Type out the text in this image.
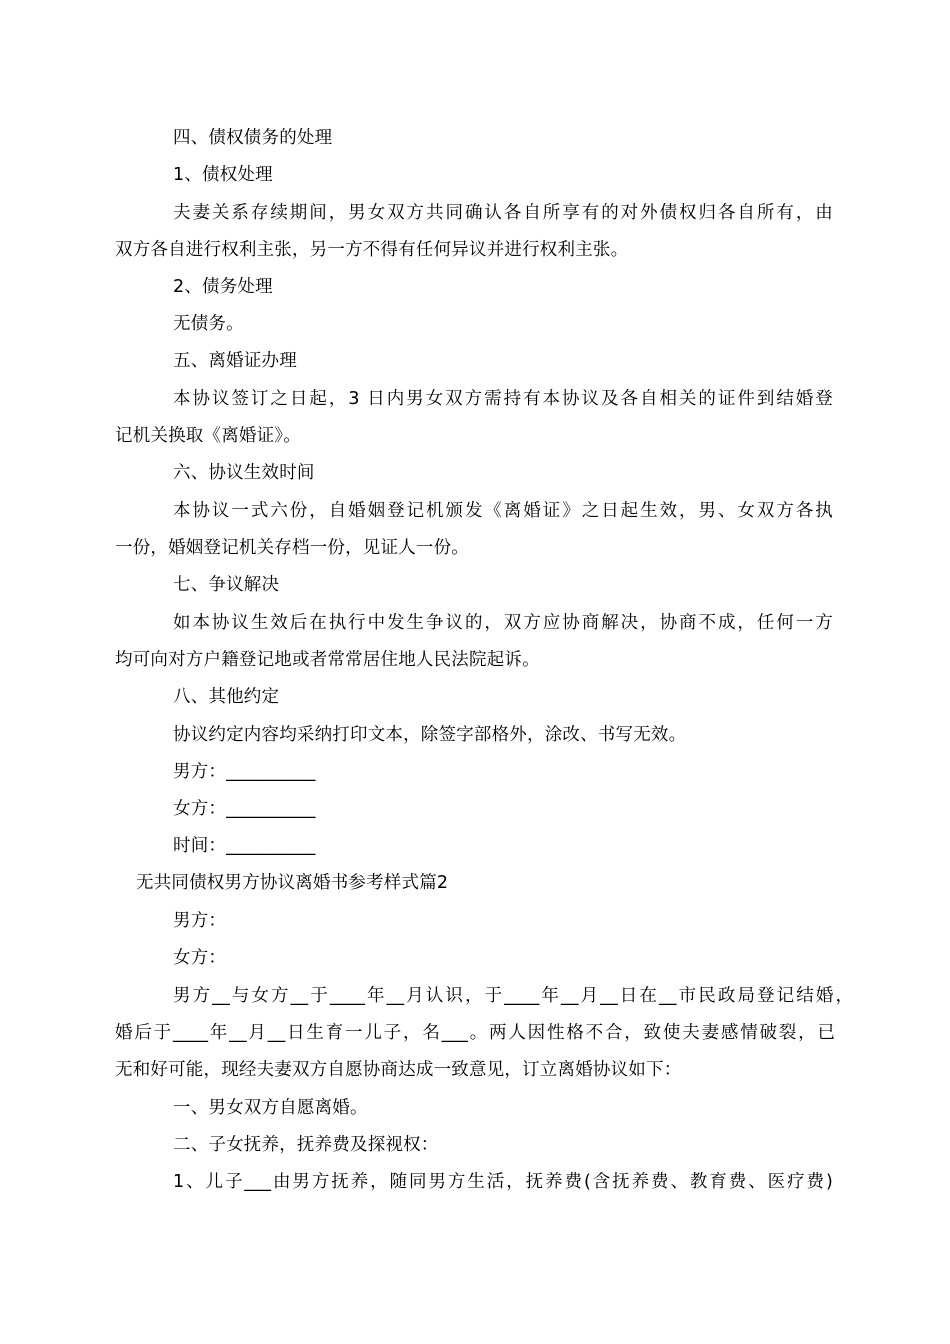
四、债权债务的处理
1、债权处理
夫妻关系存续期间，男女双方共同确认各自所享有的对外债权归各自所有，由
双方各自进行权利主张，另一方不得有任何异议并进行权利主张。
2、债务处理
无债务。
五、离婚证办理
本协议签订之日起，3 日内男女双方需持有本协议及各自相关的证件到结婚登
记机关换取《离婚证》。
六、协议生效时间
本协议一式六份，自婚姻登记机颁发《离婚证》之日起生效，男、女双方各执
一份，婚姻登记机关存档一份，见证人一份。
七、争议解决
如本协议生效后在执行中发生争议的，双方应协商解决，协商不成，任何一方
均可向对方户籍登记地或者常常居住地人民法院起诉。
八、其他约定
协议约定内容均采纳打印文本，除签字部格外，涂改、书写无效。
男方：__________
女方：__________
时间：__________
无共同债权男方协议离婚书参考样式篇2
男方：
女方：
男方__与女方__于____年__月认识，于____年__月__日在__市民政局登记结婚，
婚后于____年__月__日生育一儿子，名___。两人因性格不合，致使夫妻感情破裂，已
无和好可能，现经夫妻双方自愿协商达成一致意见，订立离婚协议如下：
一、男女双方自愿离婚。
二、子女抚养，抚养费及探视权：
1、儿子___由男方抚养，随同男方生活，抚养费(含抚养费、教育费、医疗费)
